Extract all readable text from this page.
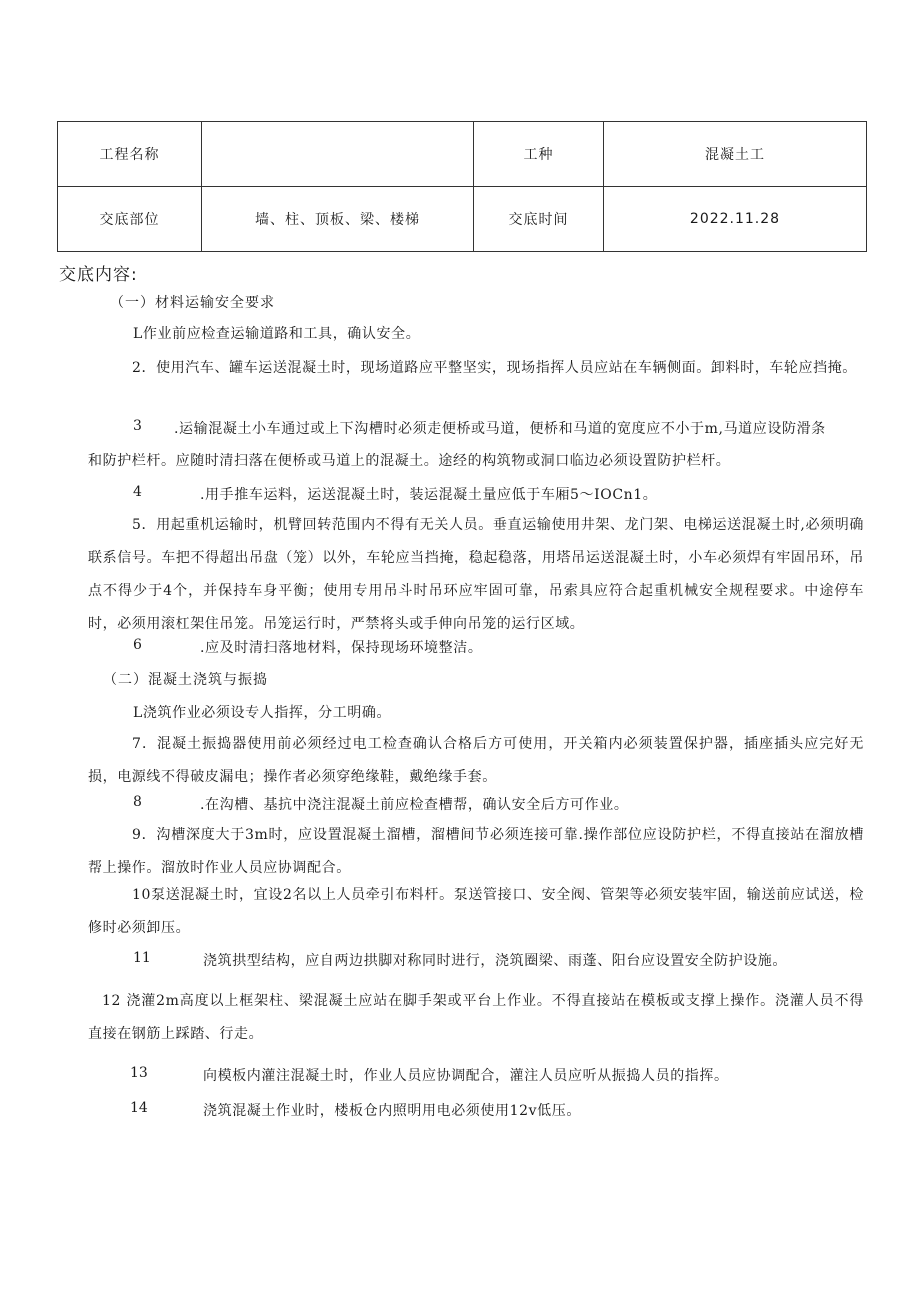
工程名称		工种	混凝土工
交底部位	墙、柱、顶板、梁、楼梯	交底时间	2022.11.28
交底内容:
（一）材料运输安全要求
L作业前应检查运输道路和工具，确认安全。
2．使用汽车、罐车运送混凝土时，现场道路应平整坚实，现场指挥人员应站在车辆侧面。卸料时，车轮应挡掩。
3 .运输混凝土小车通过或上下沟槽时必须走便桥或马道，便桥和马道的宽度应不小于m,马道应设防滑条
和防护栏杆。应随时清扫落在便桥或马道上的混凝土。途经的构筑物或洞口临边必须设置防护栏杆。
4	.用手推车运料，运送混凝土时，装运混凝土量应低于车厢5～IOCn1。
5．用起重机运输时，机臂回转范围内不得有无关人员。垂直运输使用井架、龙门架、电梯运送混凝土时,必须明确联系信号。车把不得超出吊盘（笼）以外，车轮应当挡掩，稳起稳落，用塔吊运送混凝土时，小车必须焊有牢固吊环，吊点不得少于4个，并保持车身平衡；使用专用吊斗时吊环应牢固可靠，吊索具应符合起重机械安全规程要求。中途停车时，必须用滚杠架住吊笼。吊笼运行时，严禁将头或手伸向吊笼的运行区域。
6	.应及时清扫落地材料，保持现场环境整洁。
（二）混凝土浇筑与振捣
L浇筑作业必须设专人指挥，分工明确。
7．混凝土振捣器使用前必须经过电工检查确认合格后方可使用，开关箱内必须装置保护器，插座插头应完好无损，电源线不得破皮漏电；操作者必须穿绝缘鞋，戴绝缘手套。
8	.在沟槽、基抗中浇注混凝土前应检查槽帮，确认安全后方可作业。
9．沟槽深度大于3m时，应设置混凝土溜槽，溜槽间节必须连接可靠.操作部位应设防护栏，不得直接站在溜放槽帮上操作。溜放时作业人员应协调配合。
10泵送混凝土时，宜设2名以上人员牵引布料杆。泵送管接口、安全阀、管架等必须安装牢固，输送前应试送，检修时必须卸压。
11	浇筑拱型结构，应自两边拱脚对称同时进行，浇筑圈梁、雨蓬、阳台应设置安全防护设施。
12 浇灌2m高度以上框架柱、梁混凝土应站在脚手架或平台上作业。不得直接站在模板或支撑上操作。浇灌人员不得直接在钢筋上踩踏、行走。
13	向模板内灌注混凝土时，作业人员应协调配合，灌注人员应听从振捣人员的指挥。
14	浇筑混凝土作业时，楼板仓内照明用电必须使用12v低压。
